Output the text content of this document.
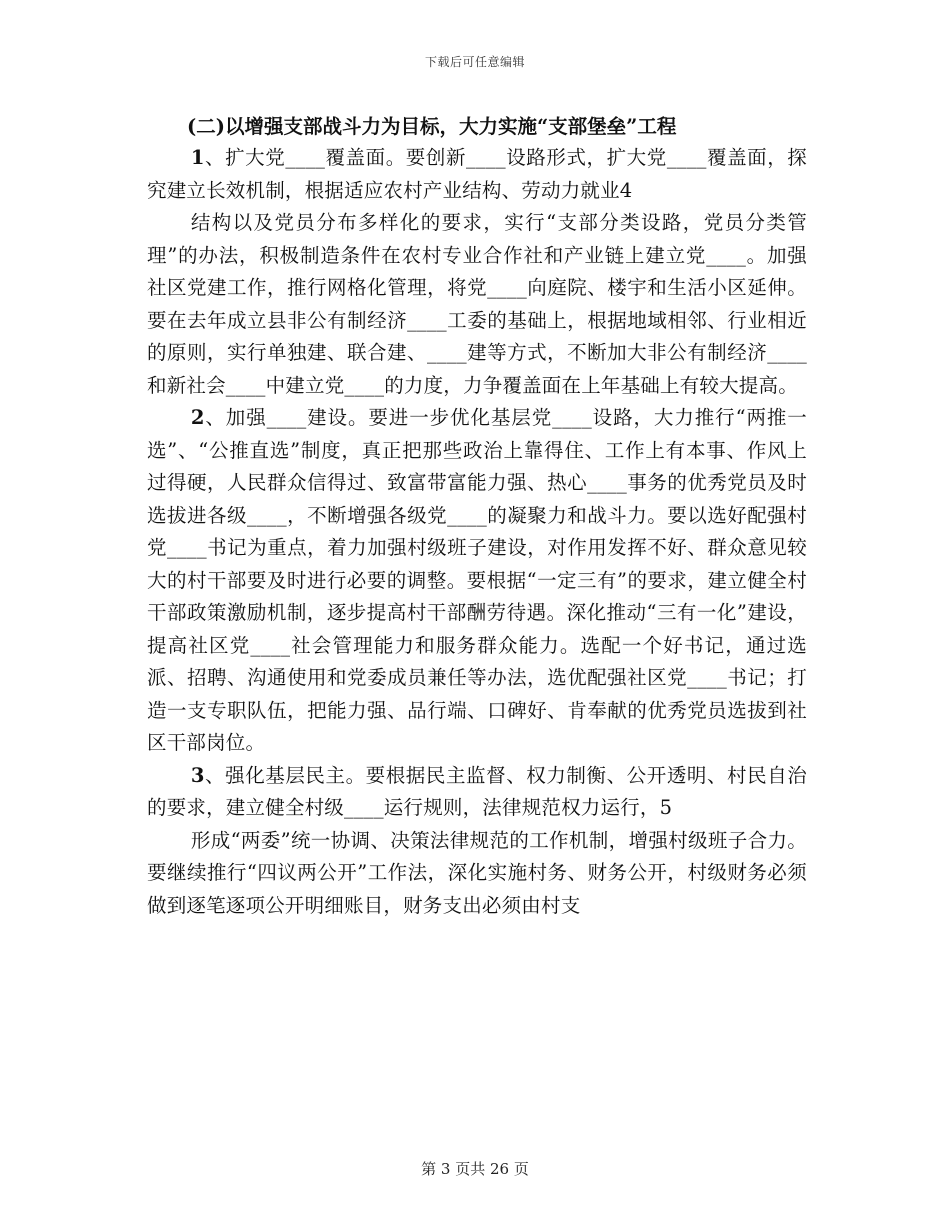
下载后可任意编辑

(二)以增强支部战斗力为目标，大力实施“支部堡垒”工程

1、扩大党____覆盖面。要创新____设路形式，扩大党____覆盖面，探究建立长效机制，根据适应农村产业结构、劳动力就业4

结构以及党员分布多样化的要求，实行“支部分类设路，党员分类管理”的办法，积极制造条件在农村专业合作社和产业链上建立党____。加强社区党建工作，推行网格化管理，将党____向庭院、楼宇和生活小区延伸。要在去年成立县非公有制经济____工委的基础上，根据地域相邻、行业相近的原则，实行单独建、联合建、____建等方式，不断加大非公有制经济____和新社会____中建立党____的力度，力争覆盖面在上年基础上有较大提高。

2、加强____建设。要进一步优化基层党____设路，大力推行“两推一选”、“公推直选”制度，真正把那些政治上靠得住、工作上有本事、作风上过得硬，人民群众信得过、致富带富能力强、热心____事务的优秀党员及时选拔进各级____，不断增强各级党____的凝聚力和战斗力。要以选好配强村党____书记为重点，着力加强村级班子建设，对作用发挥不好、群众意见较大的村干部要及时进行必要的调整。要根据“一定三有”的要求，建立健全村干部政策激励机制，逐步提高村干部酬劳待遇。深化推动“三有一化”建设，提高社区党____社会管理能力和服务群众能力。选配一个好书记，通过选派、招聘、沟通使用和党委成员兼任等办法，选优配强社区党____书记；打造一支专职队伍，把能力强、品行端、口碑好、肯奉献的优秀党员选拔到社区干部岗位。

3、强化基层民主。要根据民主监督、权力制衡、公开透明、村民自治的要求，建立健全村级____运行规则，法律规范权力运行，5

形成“两委”统一协调、决策法律规范的工作机制，增强村级班子合力。要继续推行“四议两公开”工作法，深化实施村务、财务公开，村级财务必须做到逐笔逐项公开明细账目，财务支出必须由村支

第 3 页共 26 页
